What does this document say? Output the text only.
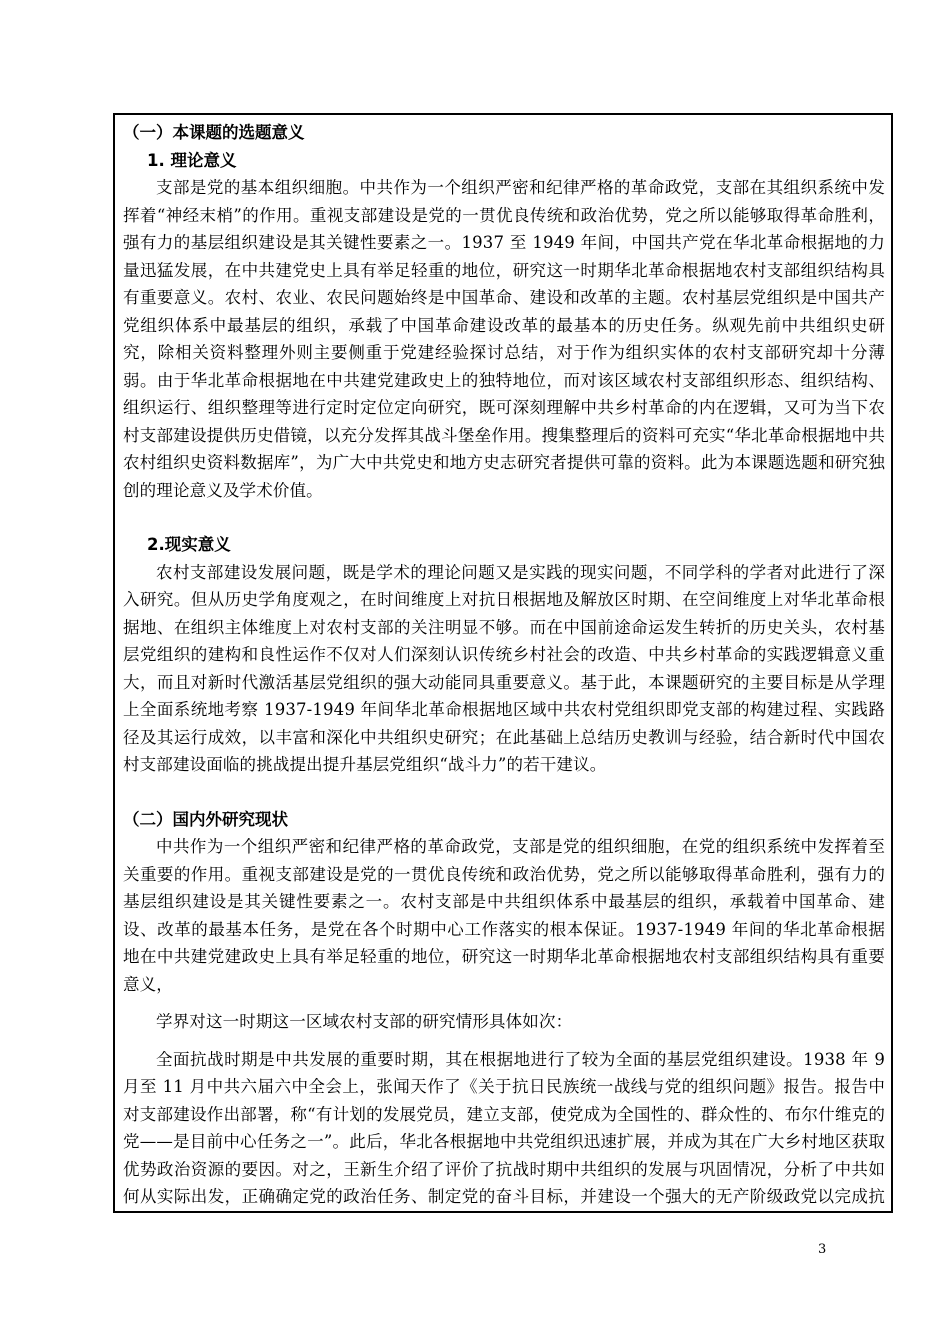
（一）本课题的选题意义

1. 理论意义

支部是党的基本组织细胞。中共作为一个组织严密和纪律严格的革命政党，支部在其组织系统中发挥着“神经末梢”的作用。重视支部建设是党的一贯优良传统和政治优势，党之所以能够取得革命胜利，强有力的基层组织建设是其关键性要素之一。1937 至 1949 年间，中国共产党在华北革命根据地的力量迅猛发展，在中共建党史上具有举足轻重的地位，研究这一时期华北革命根据地农村支部组织结构具有重要意义。农村、农业、农民问题始终是中国革命、建设和改革的主题。农村基层党组织是中国共产党组织体系中最基层的组织，承载了中国革命建设改革的最基本的历史任务。纵观先前中共组织史研究，除相关资料整理外则主要侧重于党建经验探讨总结，对于作为组织实体的农村支部研究却十分薄弱。由于华北革命根据地在中共建党建政史上的独特地位，而对该区域农村支部组织形态、组织结构、组织运行、组织整理等进行定时定位定向研究，既可深刻理解中共乡村革命的内在逻辑，又可为当下农村支部建设提供历史借镜，以充分发挥其战斗堡垒作用。搜集整理后的资料可充实“华北革命根据地中共农村组织史资料数据库”，为广大中共党史和地方史志研究者提供可靠的资料。此为本课题选题和研究独创的理论意义及学术价值。

2.现实意义

农村支部建设发展问题，既是学术的理论问题又是实践的现实问题，不同学科的学者对此进行了深入研究。但从历史学角度观之，在时间维度上对抗日根据地及解放区时期、在空间维度上对华北革命根据地、在组织主体维度上对农村支部的关注明显不够。而在中国前途命运发生转折的历史关头，农村基层党组织的建构和良性运作不仅对人们深刻认识传统乡村社会的改造、中共乡村革命的实践逻辑意义重大，而且对新时代激活基层党组织的强大动能同具重要意义。基于此，本课题研究的主要目标是从学理上全面系统地考察 1937-1949 年间华北革命根据地区域中共农村党组织即党支部的构建过程、实践路径及其运行成效，以丰富和深化中共组织史研究；在此基础上总结历史教训与经验，结合新时代中国农村支部建设面临的挑战提出提升基层党组织“战斗力”的若干建议。

（二）国内外研究现状

中共作为一个组织严密和纪律严格的革命政党，支部是党的组织细胞，在党的组织系统中发挥着至关重要的作用。重视支部建设是党的一贯优良传统和政治优势，党之所以能够取得革命胜利，强有力的基层组织建设是其关键性要素之一。农村支部是中共组织体系中最基层的组织，承载着中国革命、建设、改革的最基本任务，是党在各个时期中心工作落实的根本保证。1937-1949 年间的华北革命根据地在中共建党建政史上具有举足轻重的地位，研究这一时期华北革命根据地农村支部组织结构具有重要意义，

学界对这一时期这一区域农村支部的研究情形具体如次：

全面抗战时期是中共发展的重要时期，其在根据地进行了较为全面的基层党组织建设。1938 年 9 月至 11 月中共六届六中全会上，张闻天作了《关于抗日民族统一战线与党的组织问题》报告。报告中对支部建设作出部署，称“有计划的发展党员，建立支部，使党成为全国性的、群众性的、布尔什维克的党——是目前中心任务之一”。此后，华北各根据地中共党组织迅速扩展，并成为其在广大乡村地区获取优势政治资源的要因。对之，王新生介绍了评价了抗战时期中共组织的发展与巩固情况，分析了中共如何从实际出发，正确确定党的政治任务、制定党的奋斗目标，并建设一个强大的无产阶级政党以完成抗

3
